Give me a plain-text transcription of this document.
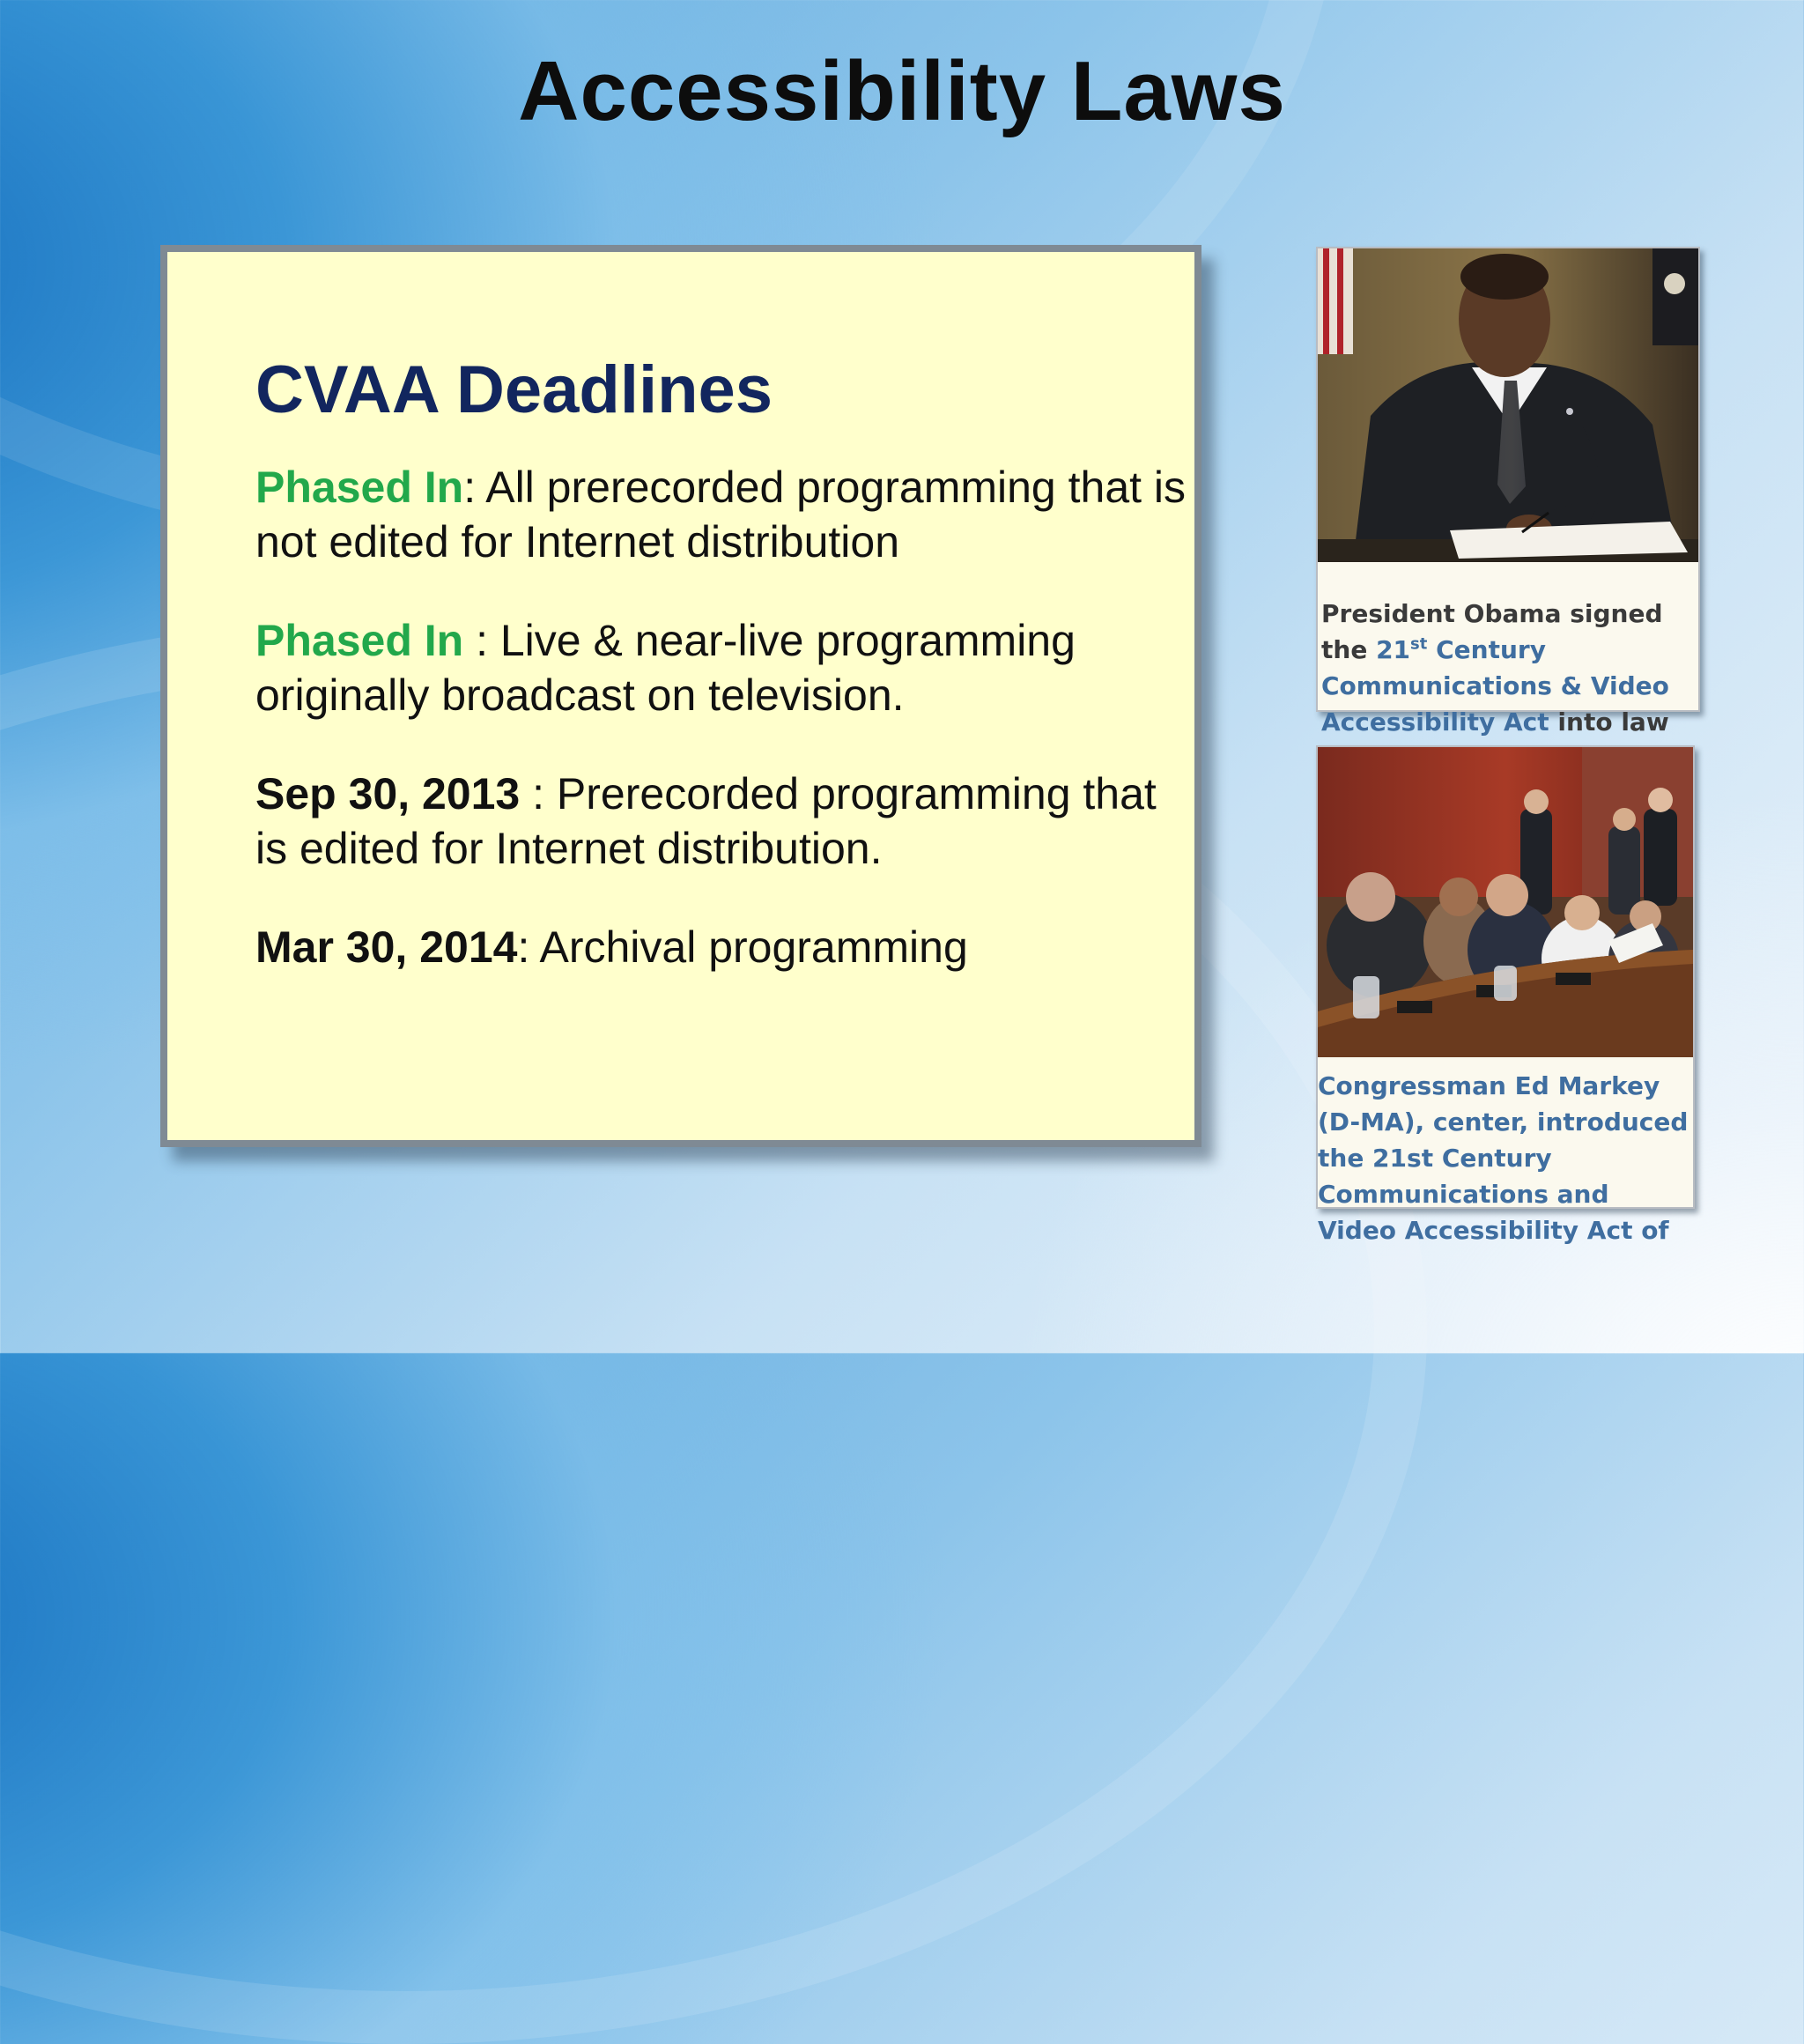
Accessibility Laws
CVAA Deadlines

Phased In: All prerecorded programming that is not edited for Internet distribution

Phased In : Live & near-live programming originally broadcast on television.

Sep 30, 2013 : Prerecorded programming that is edited for Internet distribution.

Mar 30, 2014: Archival programming

President Obama signed the 21st Century Communications & Video Accessibility Act into law
Congressman Ed Markey (D-MA), center, introduced the 21st Century Communications and Video Accessibility Act of
